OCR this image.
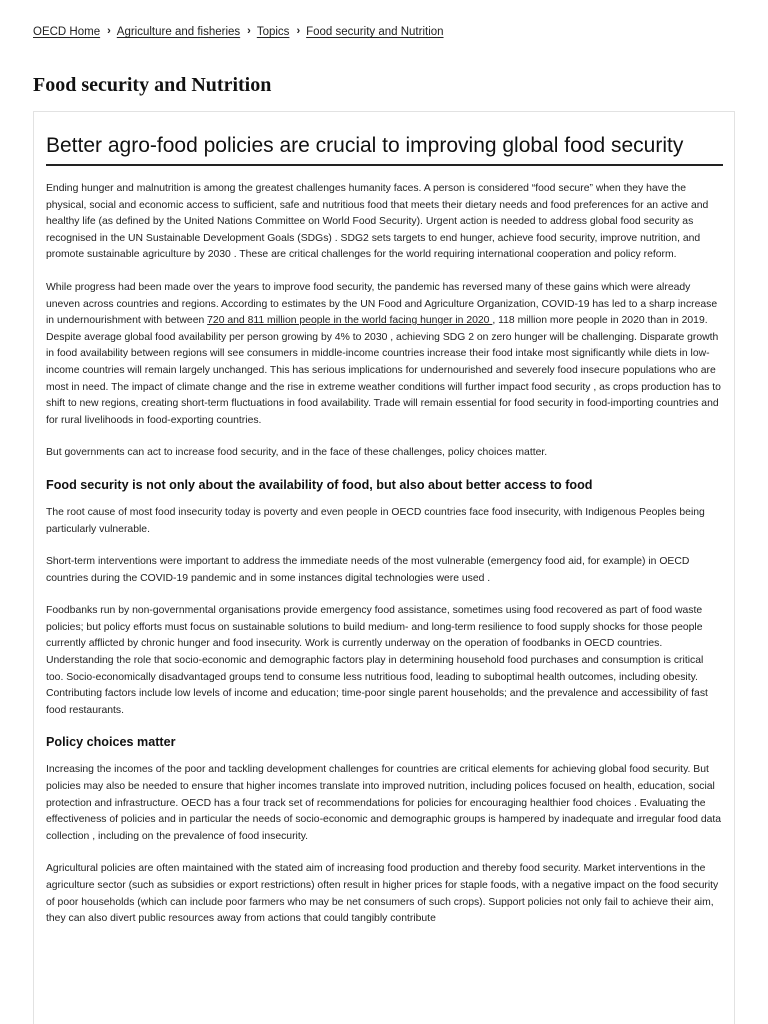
OECD Home › Agriculture and fisheries › Topics › Food security and Nutrition
Food security and Nutrition
Better agro-food policies are crucial to improving global food security

Ending hunger and malnutrition is among the greatest challenges humanity faces. A person is considered “food secure” when they have the physical, social and economic access to sufficient, safe and nutritious food that meets their dietary needs and food preferences for an active and healthy life (as defined by the United Nations Committee on World Food Security). Urgent action is needed to address global food security as recognised in the UN Sustainable Development Goals (SDGs) . SDG2 sets targets to end hunger, achieve food security, improve nutrition, and promote sustainable agriculture by 2030 . These are critical challenges for the world requiring international cooperation and policy reform.

While progress had been made over the years to improve food security, the pandemic has reversed many of these gains which were already uneven across countries and regions. According to estimates by the UN Food and Agriculture Organization, COVID-19 has led to a sharp increase in undernourishment with between 720 and 811 million people in the world facing hunger in 2020 , 118 million more people in 2020 than in 2019. Despite average global food availability per person growing by 4% to 2030 , achieving SDG 2 on zero hunger will be challenging. Disparate growth in food availability between regions will see consumers in middle-income countries increase their food intake most significantly while diets in low-income countries will remain largely unchanged. This has serious implications for undernourished and severely food insecure populations who are most in need. The impact of climate change and the rise in extreme weather conditions will further impact food security , as crops production has to shift to new regions, creating short-term fluctuations in food availability. Trade will remain essential for food security in food-importing countries and for rural livelihoods in food-exporting countries.

But governments can act to increase food security, and in the face of these challenges, policy choices matter.

Food security is not only about the availability of food, but also about better access to food

The root cause of most food insecurity today is poverty and even people in OECD countries face food insecurity, with Indigenous Peoples being particularly vulnerable.

Short-term interventions were important to address the immediate needs of the most vulnerable (emergency food aid, for example) in OECD countries during the COVID-19 pandemic and in some instances digital technologies were used .

Foodbanks run by non-governmental organisations provide emergency food assistance, sometimes using food recovered as part of food waste policies; but policy efforts must focus on sustainable solutions to build medium- and long-term resilience to food supply shocks for those people currently afflicted by chronic hunger and food insecurity. Work is currently underway on the operation of foodbanks in OECD countries. Understanding the role that socio-economic and demographic factors play in determining household food purchases and consumption is critical too. Socio-economically disadvantaged groups tend to consume less nutritious food, leading to suboptimal health outcomes, including obesity. Contributing factors include low levels of income and education; time-poor single parent households; and the prevalence and accessibility of fast food restaurants.

Policy choices matter

Increasing the incomes of the poor and tackling development challenges for countries are critical elements for achieving global food security. But policies may also be needed to ensure that higher incomes translate into improved nutrition, including polices focused on health, education, social protection and infrastructure. OECD has a four track set of recommendations for policies for encouraging healthier food choices . Evaluating the effectiveness of policies and in particular the needs of socio-economic and demographic groups is hampered by inadequate and irregular food data collection , including on the prevalence of food insecurity.

Agricultural policies are often maintained with the stated aim of increasing food production and thereby food security. Market interventions in the agriculture sector (such as subsidies or export restrictions) often result in higher prices for staple foods, with a negative impact on the food security of poor households (which can include poor farmers who may be net consumers of such crops). Support policies not only fail to achieve their aim, they can also divert public resources away from actions that could tangibly contribute
